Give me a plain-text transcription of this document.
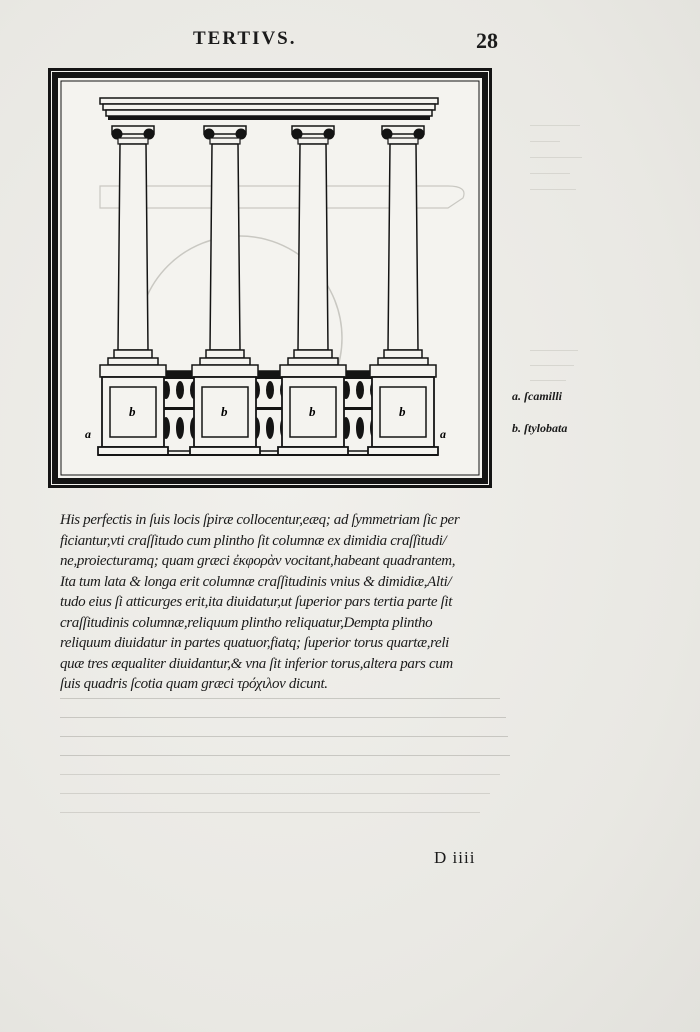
TERTIVS.	28
a	a
b	b	b	b
a. ſcamilli
b. ſtylobata
His perfectis in ſuis locis ſpiræ collocentur,eæq; ad ſymmetriam ſic per
ficiantur,vti craſſitudo cum plintho ſit columnæ ex dimidia craſſitudi/
ne,proiecturamq; quam græci ἐκφορὰν vocitant,habeant quadrantem,
Ita tum lata & longa erit columnæ craſſitudinis vnius & dimidiæ,Alti/
tudo eius ſi atticurges erit,ita diuidatur,ut ſuperior pars tertia parte ſit
craſſitudinis columnæ,reliquum plintho reliquatur,Dempta plintho
reliquum diuidatur in partes quatuor,fiatq; ſuperior torus quartæ,reli
quæ tres æqualiter diuidantur,& vna ſit inferior torus,altera pars cum
ſuis quadris ſcotia quam græci τρόχιλον dicunt.
D iiii
